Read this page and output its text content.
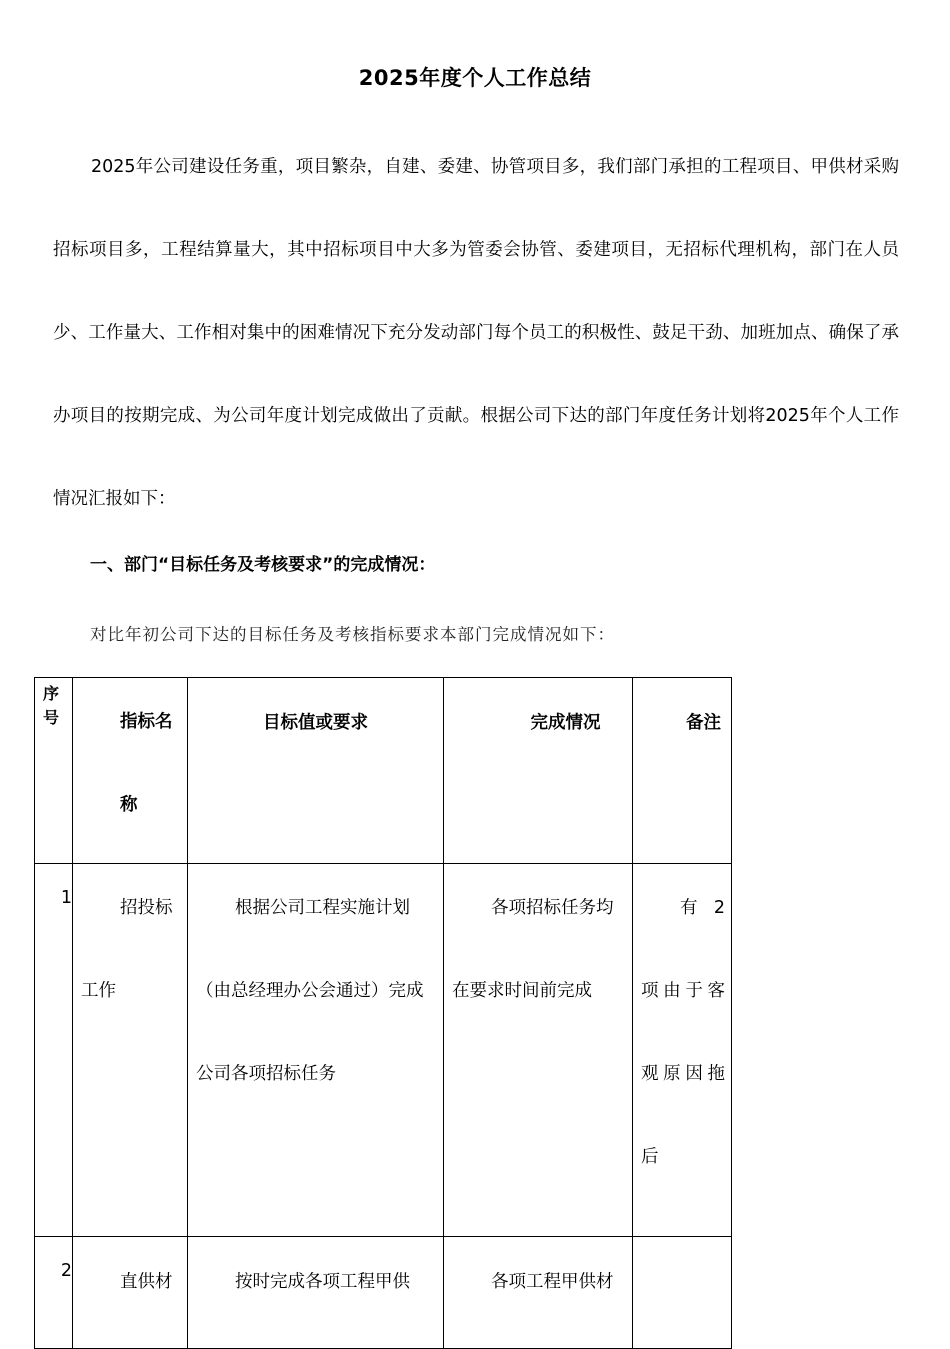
2025年度个人工作总结
2025年公司建设任务重，项目繁杂，自建、委建、协管项目多，我们部门承担的工程项目、甲供材采购招标项目多，工程结算量大，其中招标项目中大多为管委会协管、委建项目，无招标代理机构，部门在人员少、工作量大、工作相对集中的困难情况下充分发动部门每个员工的积极性、鼓足干劲、加班加点、确保了承办项目的按期完成、为公司年度计划完成做出了贡献。根据公司下达的部门年度任务计划将2025年个人工作情况汇报如下：
一、部门“目标任务及考核要求”的完成情况：
对比年初公司下达的目标任务及考核指标要求本部门完成情况如下：
序号	指标名称	目标值或要求	完成情况	备注
1	招投标工作	根据公司工程实施计划（由总经理办公会通过）完成公司各项招标任务	各项招标任务均在要求时间前完成	有 2 项由于客观原因拖后

2	直供材	按时完成各项工程甲供	各项工程甲供材	
